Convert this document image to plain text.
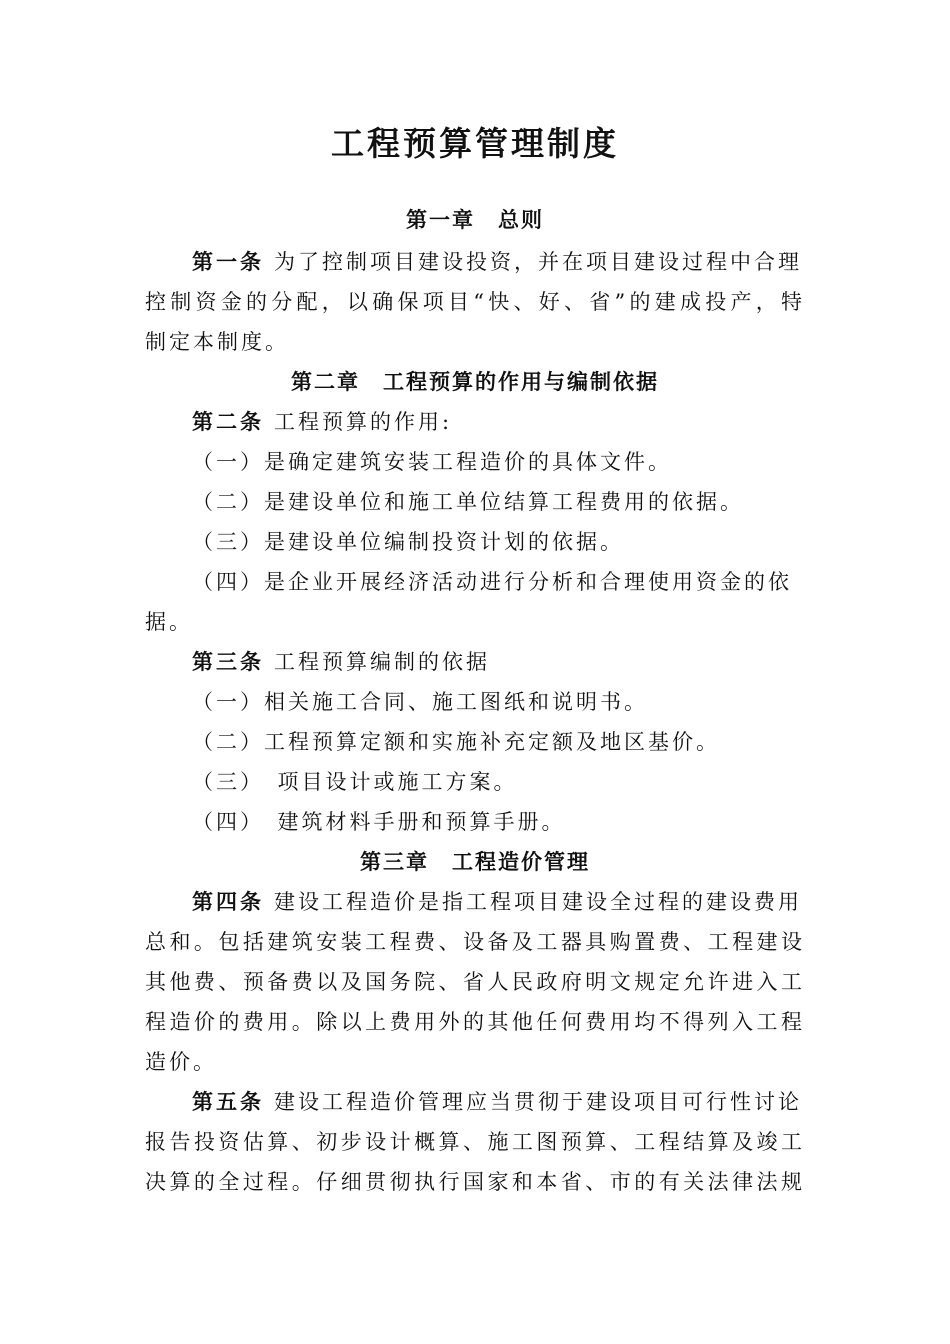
工程预算管理制度
第一章　总则
第一条 为了控制项目建设投资，并在项目建设过程中合理
控制资金的分配，以确保项目“快、好、省”的建成投产，特
制定本制度。
第二章　工程预算的作用与编制依据
第二条 工程预算的作用:
（一）是确定建筑安装工程造价的具体文件。
（二）是建设单位和施工单位结算工程费用的依据。
（三）是建设单位编制投资计划的依据。
（四）是企业开展经济活动进行分析和合理使用资金的依
据。
第三条 工程预算编制的依据
（一）相关施工合同、施工图纸和说明书。
（二）工程预算定额和实施补充定额及地区基价。
（三）　项目设计或施工方案。
（四）　建筑材料手册和预算手册。
第三章　工程造价管理
第四条 建设工程造价是指工程项目建设全过程的建设费用
总和。包括建筑安装工程费、设备及工器具购置费、工程建设
其他费、预备费以及国务院、省人民政府明文规定允许进入工
程造价的费用。除以上费用外的其他任何费用均不得列入工程
造价。
第五条 建设工程造价管理应当贯彻于建设项目可行性讨论
报告投资估算、初步设计概算、施工图预算、工程结算及竣工
决算的全过程。仔细贯彻执行国家和本省、市的有关法律法规
